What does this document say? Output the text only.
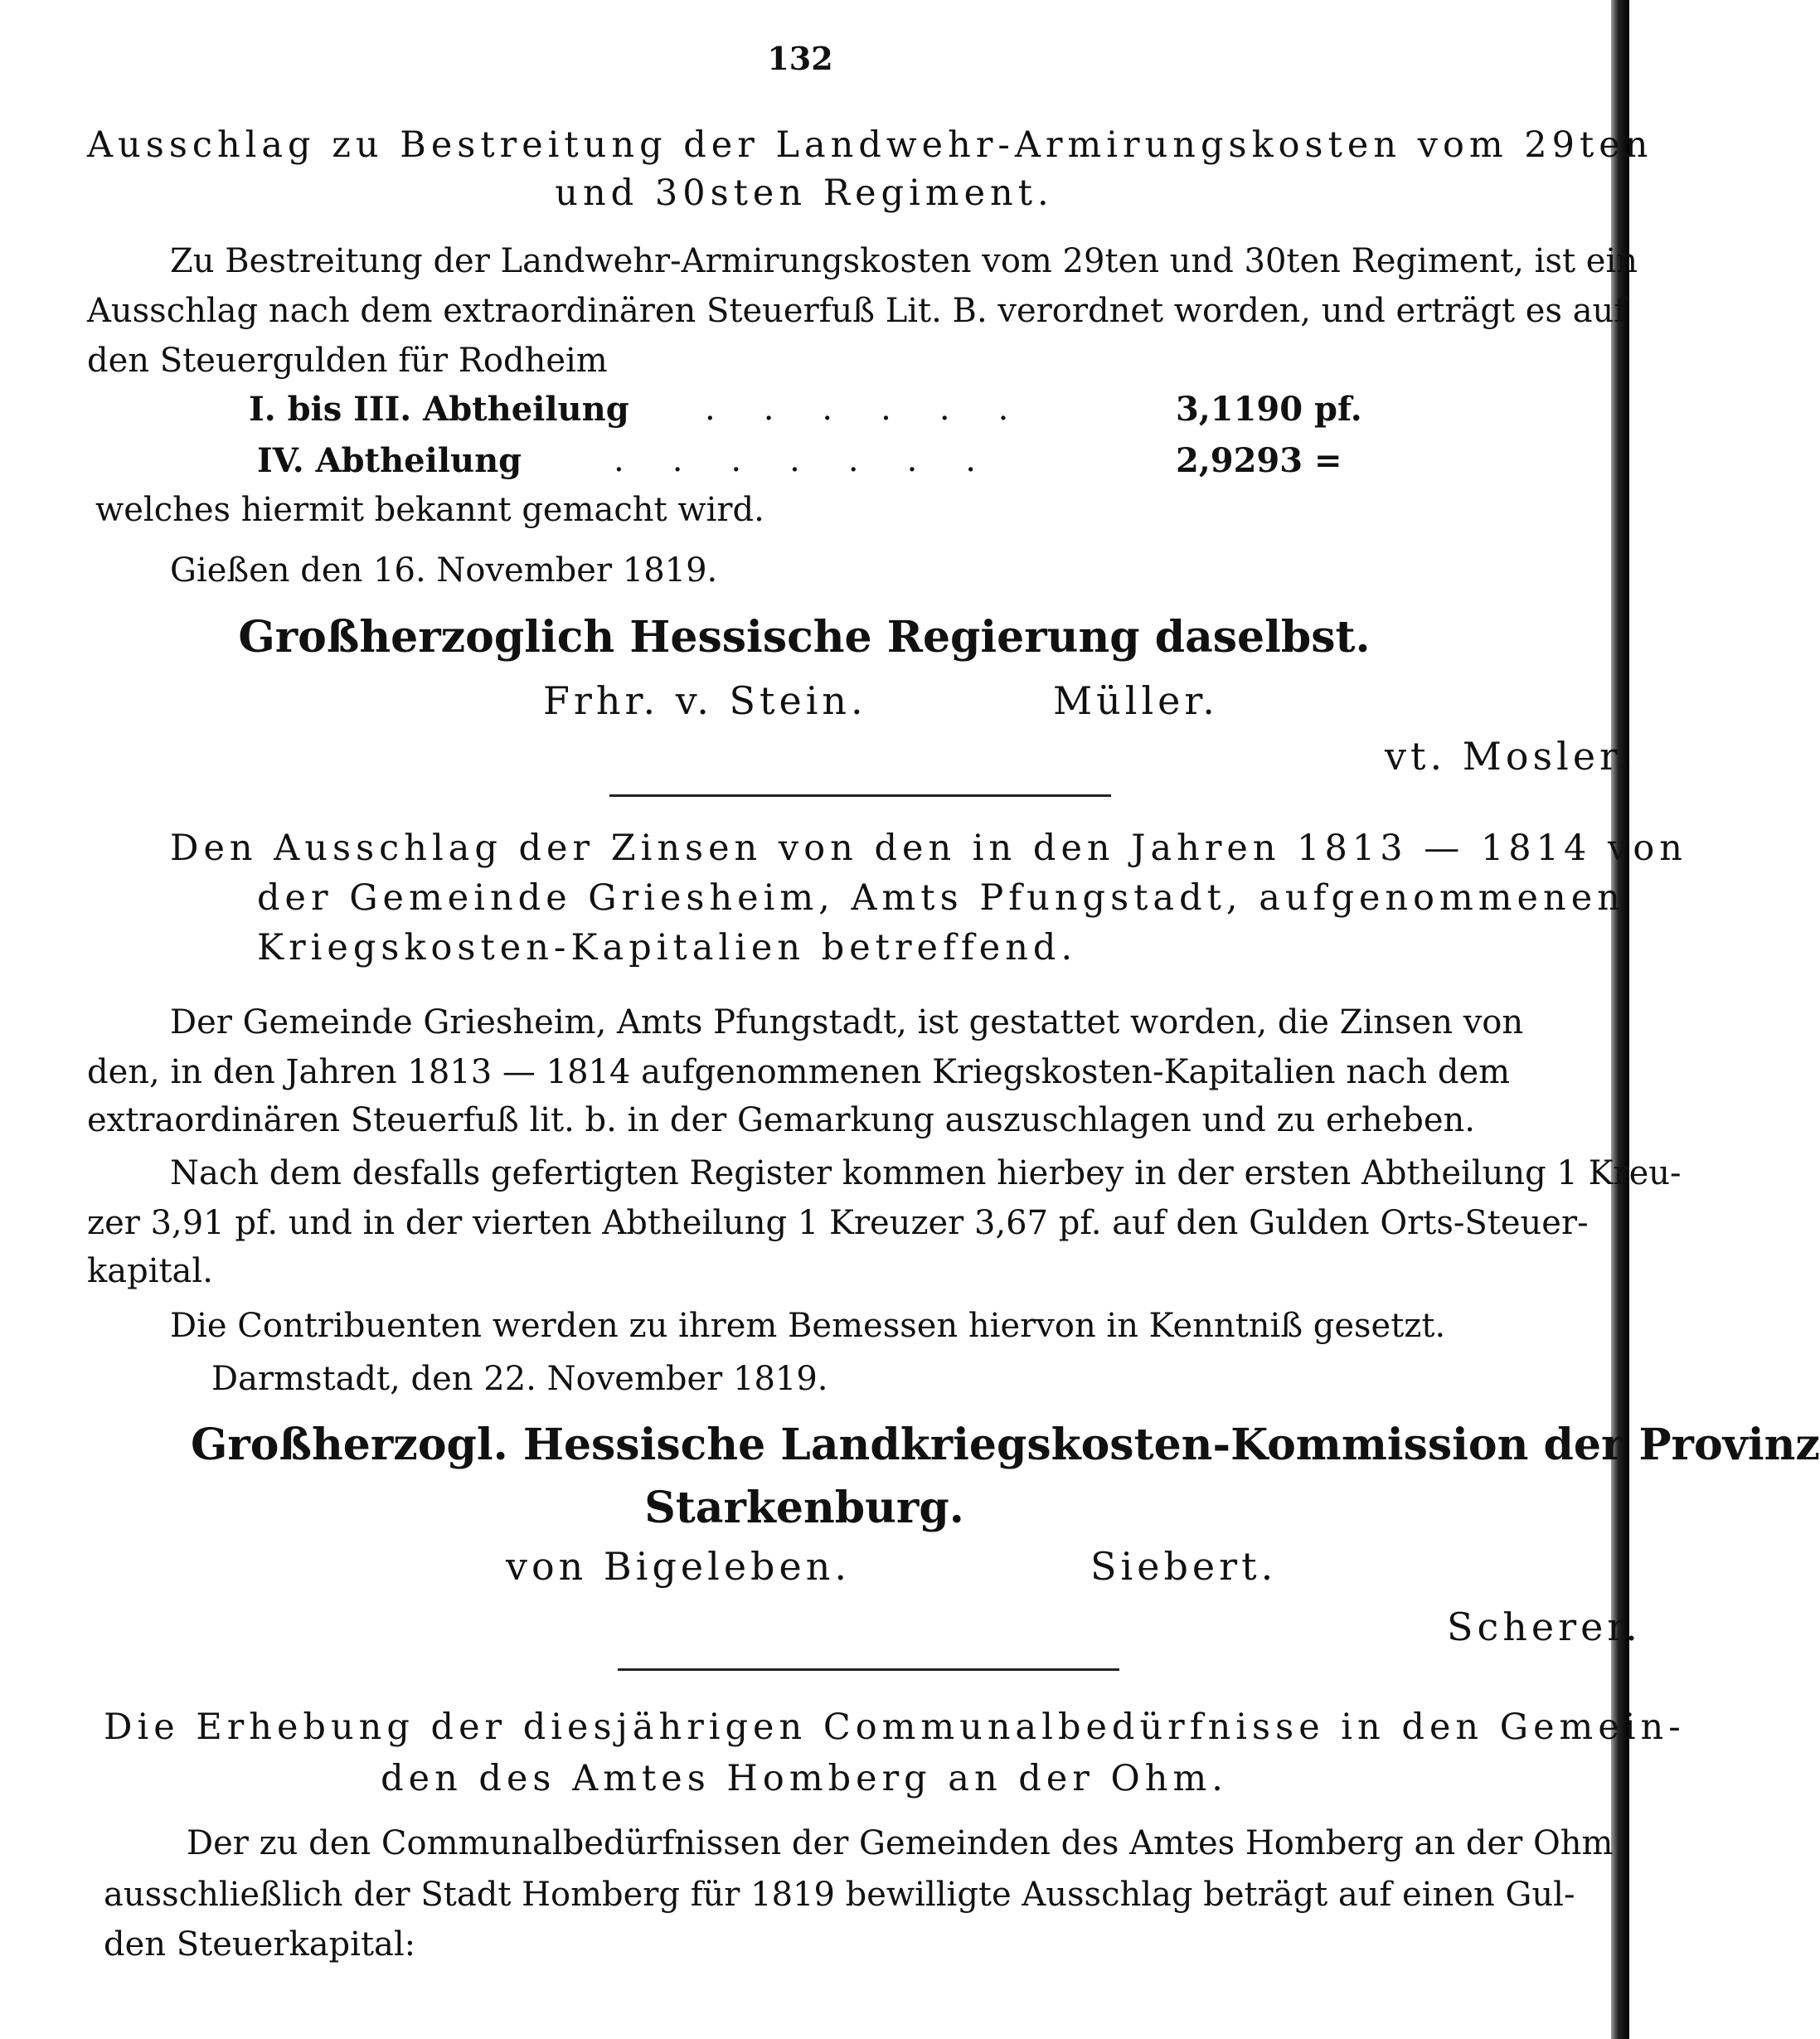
132
Ausschlag zu Bestreitung der Landwehr-Armirungskosten vom 29ten
und 30sten Regiment.
Zu Bestreitung der Landwehr-Armirungskosten vom 29ten und 30ten Regiment, ist ein
Ausschlag nach dem extraordinären Steuerfuß Lit. B. verordnet worden, und erträgt es auf
den Steuergulden für Rodheim
I. bis III. Abtheilung ......	3,1190 pf.
IV. Abtheilung	.......	2,9293 =
welches hiermit bekannt gemacht wird.
Gießen den 16. November 1819.
Großherzoglich Hessische Regierung daselbst.
Frhr. v. Stein.	Müller.
vt. Mosler.
Den Ausschlag der Zinsen von den in den Jahren 1813 — 1814 von
der Gemeinde Griesheim, Amts Pfungstadt, aufgenommenen
Kriegskosten-Kapitalien betreffend.
Der Gemeinde Griesheim, Amts Pfungstadt, ist gestattet worden, die Zinsen von
den, in den Jahren 1813 — 1814 aufgenommenen Kriegskosten-Kapitalien nach dem
extraordinären Steuerfuß lit. b. in der Gemarkung auszuschlagen und zu erheben.
Nach dem desfalls gefertigten Register kommen hierbey in der ersten Abtheilung 1 Kreu-
zer 3,91 pf. und in der vierten Abtheilung 1 Kreuzer 3,67 pf. auf den Gulden Orts-Steuer-
kapital.
Die Contribuenten werden zu ihrem Bemessen hiervon in Kenntniß gesetzt.
Darmstadt, den 22. November 1819.
Großherzogl. Hessische Landkriegskosten-Kommission der Provinz
Starkenburg.
von Bigeleben.	Siebert.
Scherer.
Die Erhebung der diesjährigen Communalbedürfnisse in den Gemein-
den des Amtes Homberg an der Ohm.
Der zu den Communalbedürfnissen der Gemeinden des Amtes Homberg an der Ohm
ausschließlich der Stadt Homberg für 1819 bewilligte Ausschlag beträgt auf einen Gul-
den Steuerkapital:
